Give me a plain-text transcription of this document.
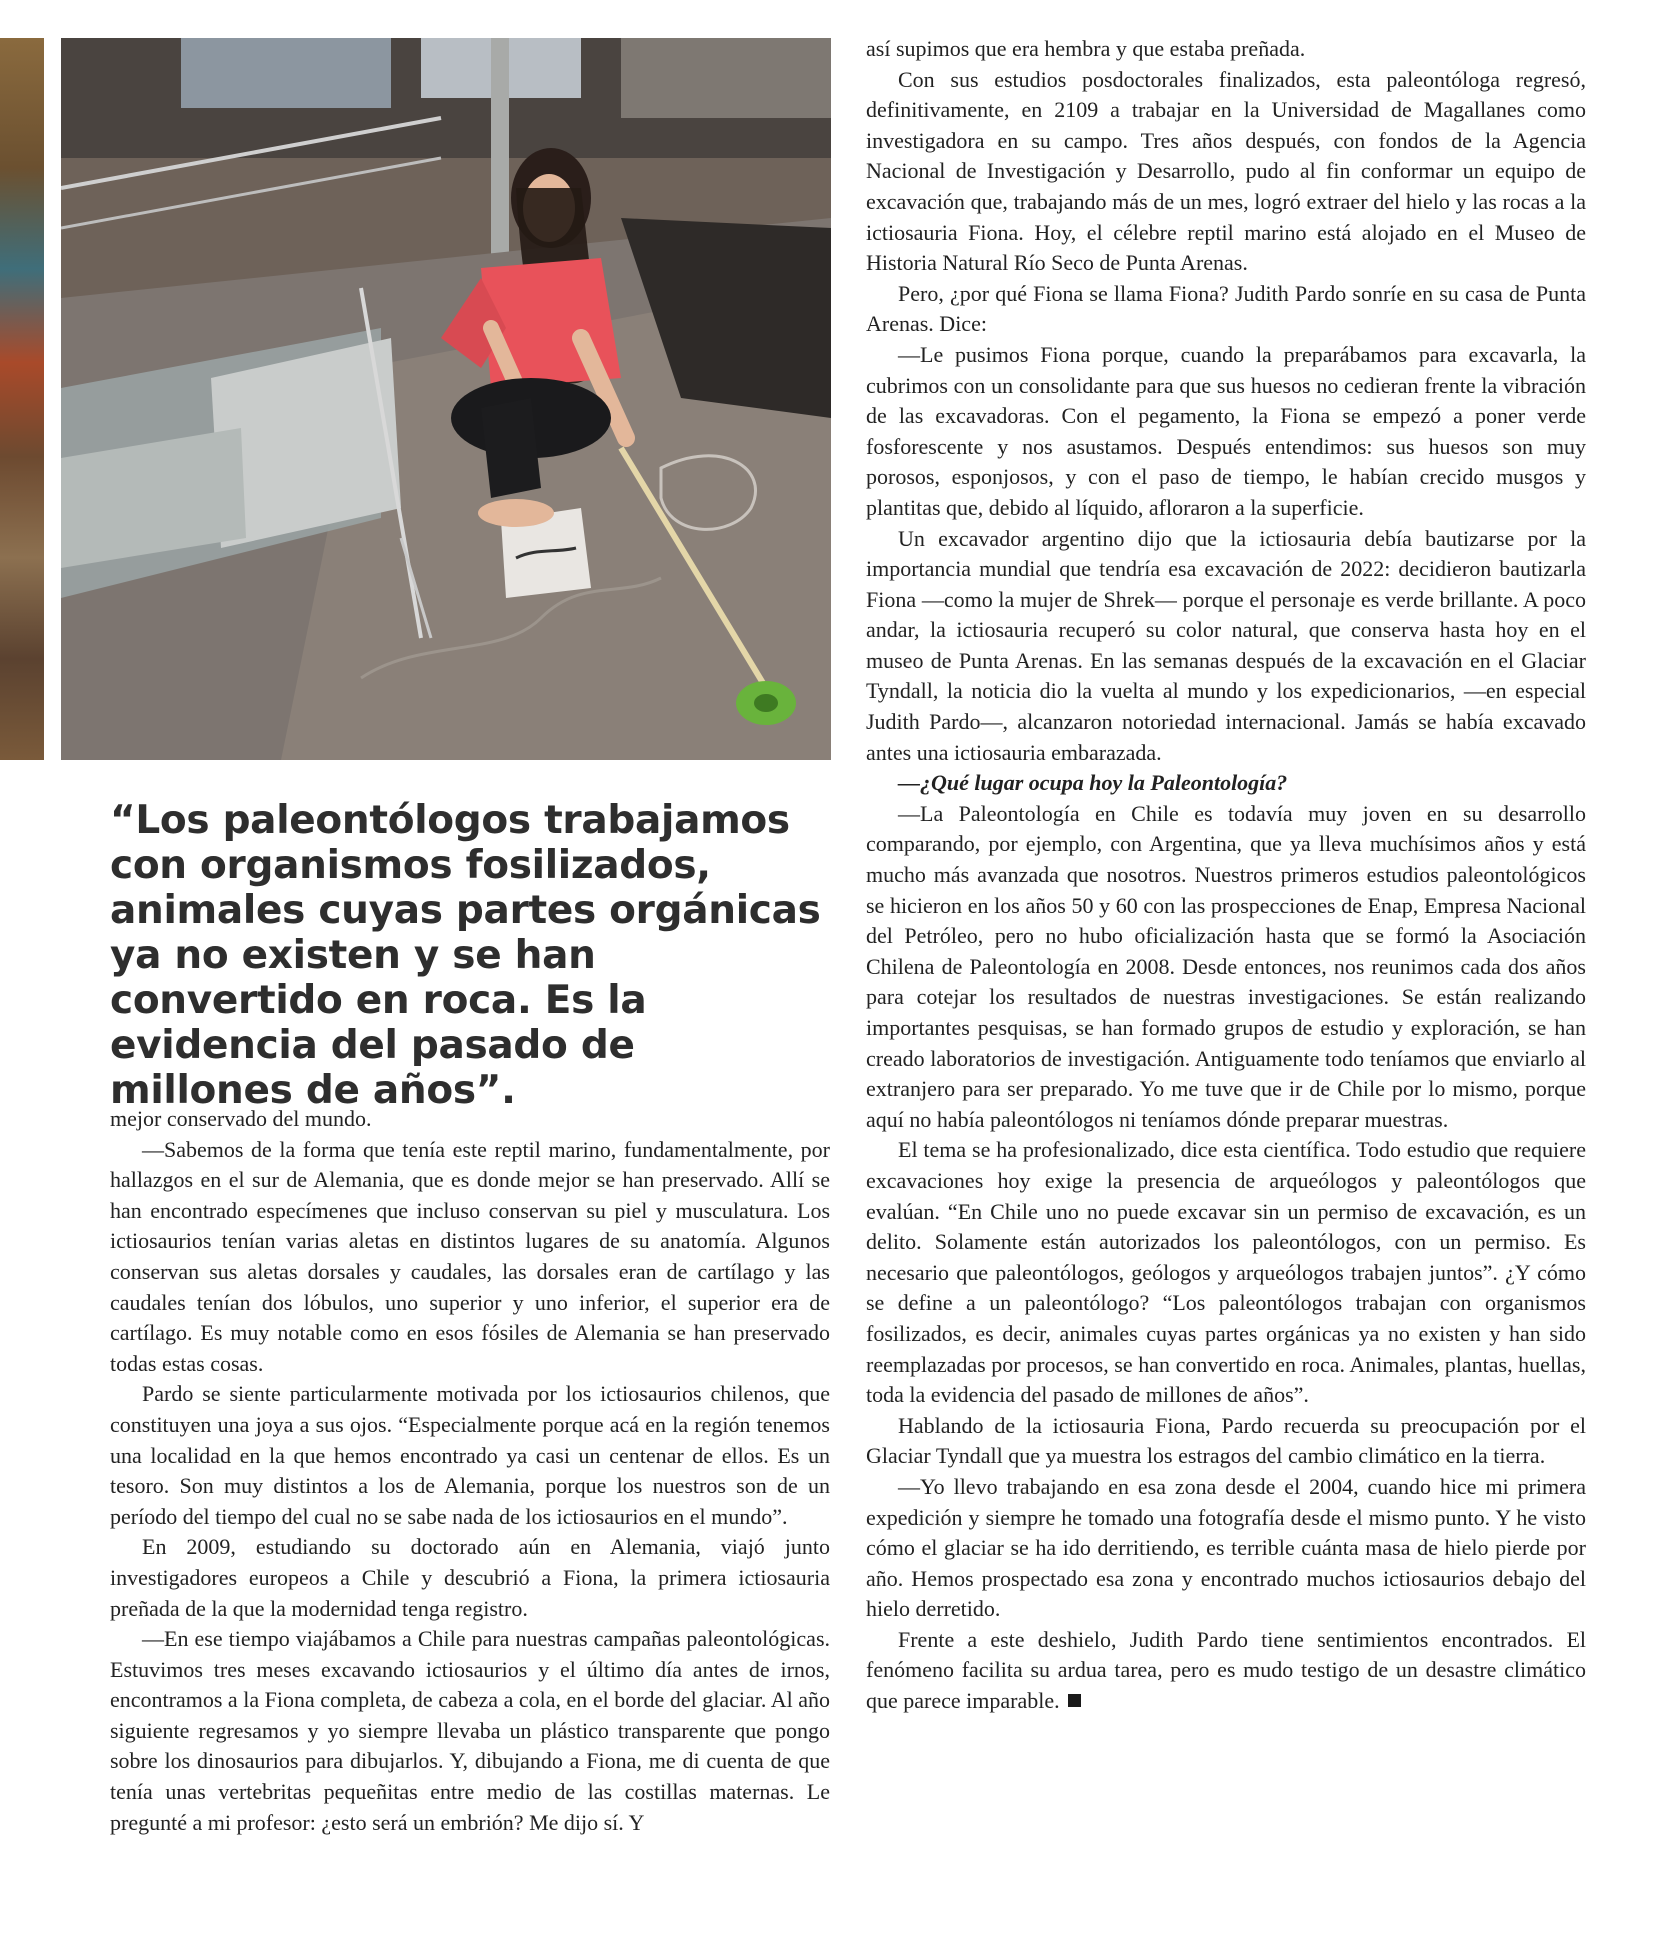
“Los paleontólogos trabajamos con organismos fosilizados, animales cuyas partes orgánicas ya no existen y se han convertido en roca. Es la evidencia del pasado de millones de años”.

mejor conservado del mundo.

—Sabemos de la forma que tenía este reptil marino, fundamentalmente, por hallazgos en el sur de Alemania, que es donde mejor se han preservado. Allí se han encontrado especímenes que incluso conservan su piel y musculatura. Los ictiosaurios tenían varias aletas en distintos lugares de su anatomía. Algunos conservan sus aletas dorsales y caudales, las dorsales eran de cartílago y las caudales tenían dos lóbulos, uno superior y uno inferior, el superior era de cartílago. Es muy notable como en esos fósiles de Alemania se han preservado todas estas cosas.

Pardo se siente particularmente motivada por los ictiosaurios chilenos, que constituyen una joya a sus ojos. “Especialmente porque acá en la región tenemos una localidad en la que hemos encontrado ya casi un centenar de ellos. Es un tesoro. Son muy distintos a los de Alemania, porque los nuestros son de un período del tiempo del cual no se sabe nada de los ictiosaurios en el mundo”.

En 2009, estudiando su doctorado aún en Alemania, viajó junto investigadores europeos a Chile y descubrió a Fiona, la primera ictiosauria preñada de la que la modernidad tenga registro.

—En ese tiempo viajábamos a Chile para nuestras campañas paleontológicas. Estuvimos tres meses excavando ictiosaurios y el último día antes de irnos, encontramos a la Fiona completa, de cabeza a cola, en el borde del glaciar. Al año siguiente regresamos y yo siempre llevaba un plástico transparente que pongo sobre los dinosaurios para dibujarlos. Y, dibujando a Fiona, me di cuenta de que tenía unas vertebritas pequeñitas entre medio de las costillas maternas. Le pregunté a mi profesor: ¿esto será un embrión? Me dijo sí. Y

así supimos que era hembra y que estaba preñada.

Con sus estudios posdoctorales finalizados, esta paleontóloga regresó, definitivamente, en 2109 a trabajar en la Universidad de Magallanes como investigadora en su campo. Tres años después, con fondos de la Agencia Nacional de Investigación y Desarrollo, pudo al fin conformar un equipo de excavación que, trabajando más de un mes, logró extraer del hielo y las rocas a la ictiosauria Fiona. Hoy, el célebre reptil marino está alojado en el Museo de Historia Natural Río Seco de Punta Arenas.

Pero, ¿por qué Fiona se llama Fiona? Judith Pardo sonríe en su casa de Punta Arenas. Dice:

—Le pusimos Fiona porque, cuando la preparábamos para excavarla, la cubrimos con un consolidante para que sus huesos no cedieran frente la vibración de las excavadoras. Con el pegamento, la Fiona se empezó a poner verde fosforescente y nos asustamos. Después entendimos: sus huesos son muy porosos, esponjosos, y con el paso de tiempo, le habían crecido musgos y plantitas que, debido al líquido, afloraron a la superficie.

Un excavador argentino dijo que la ictiosauria debía bautizarse por la importancia mundial que tendría esa excavación de 2022: decidieron bautizarla Fiona —como la mujer de Shrek— porque el personaje es verde brillante. A poco andar, la ictiosauria recuperó su color natural, que conserva hasta hoy en el museo de Punta Arenas. En las semanas después de la excavación en el Glaciar Tyndall, la noticia dio la vuelta al mundo y los expedicionarios, —en especial Judith Pardo—, alcanzaron notoriedad internacional. Jamás se había excavado antes una ictiosauria embarazada.

—¿Qué lugar ocupa hoy la Paleontología?

—La Paleontología en Chile es todavía muy joven en su desarrollo comparando, por ejemplo, con Argentina, que ya lleva muchísimos años y está mucho más avanzada que nosotros. Nuestros primeros estudios paleontológicos se hicieron en los años 50 y 60 con las prospecciones de Enap, Empresa Nacional del Petróleo, pero no hubo oficialización hasta que se formó la Asociación Chilena de Paleontología en 2008. Desde entonces, nos reunimos cada dos años para cotejar los resultados de nuestras investigaciones. Se están realizando importantes pesquisas, se han formado grupos de estudio y exploración, se han creado laboratorios de investigación. Antiguamente todo teníamos que enviarlo al extranjero para ser preparado. Yo me tuve que ir de Chile por lo mismo, porque aquí no había paleontólogos ni teníamos dónde preparar muestras.

El tema se ha profesionalizado, dice esta científica. Todo estudio que requiere excavaciones hoy exige la presencia de arqueólogos y paleontólogos que evalúan. “En Chile uno no puede excavar sin un permiso de excavación, es un delito. Solamente están autorizados los paleontólogos, con un permiso. Es necesario que paleontólogos, geólogos y arqueólogos trabajen juntos”. ¿Y cómo se define a un paleontólogo? “Los paleontólogos trabajan con organismos fosilizados, es decir, animales cuyas partes orgánicas ya no existen y han sido reemplazadas por procesos, se han convertido en roca. Animales, plantas, huellas, toda la evidencia del pasado de millones de años”.

Hablando de la ictiosauria Fiona, Pardo recuerda su preocupación por el Glaciar Tyndall que ya muestra los estragos del cambio climático en la tierra.

—Yo llevo trabajando en esa zona desde el 2004, cuando hice mi primera expedición y siempre he tomado una fotografía desde el mismo punto. Y he visto cómo el glaciar se ha ido derritiendo, es terrible cuánta masa de hielo pierde por año. Hemos prospectado esa zona y encontrado muchos ictiosaurios debajo del hielo derretido.

Frente a este deshielo, Judith Pardo tiene sentimientos encontrados. El fenómeno facilita su ardua tarea, pero es mudo testigo de un desastre climático que parece imparable.
